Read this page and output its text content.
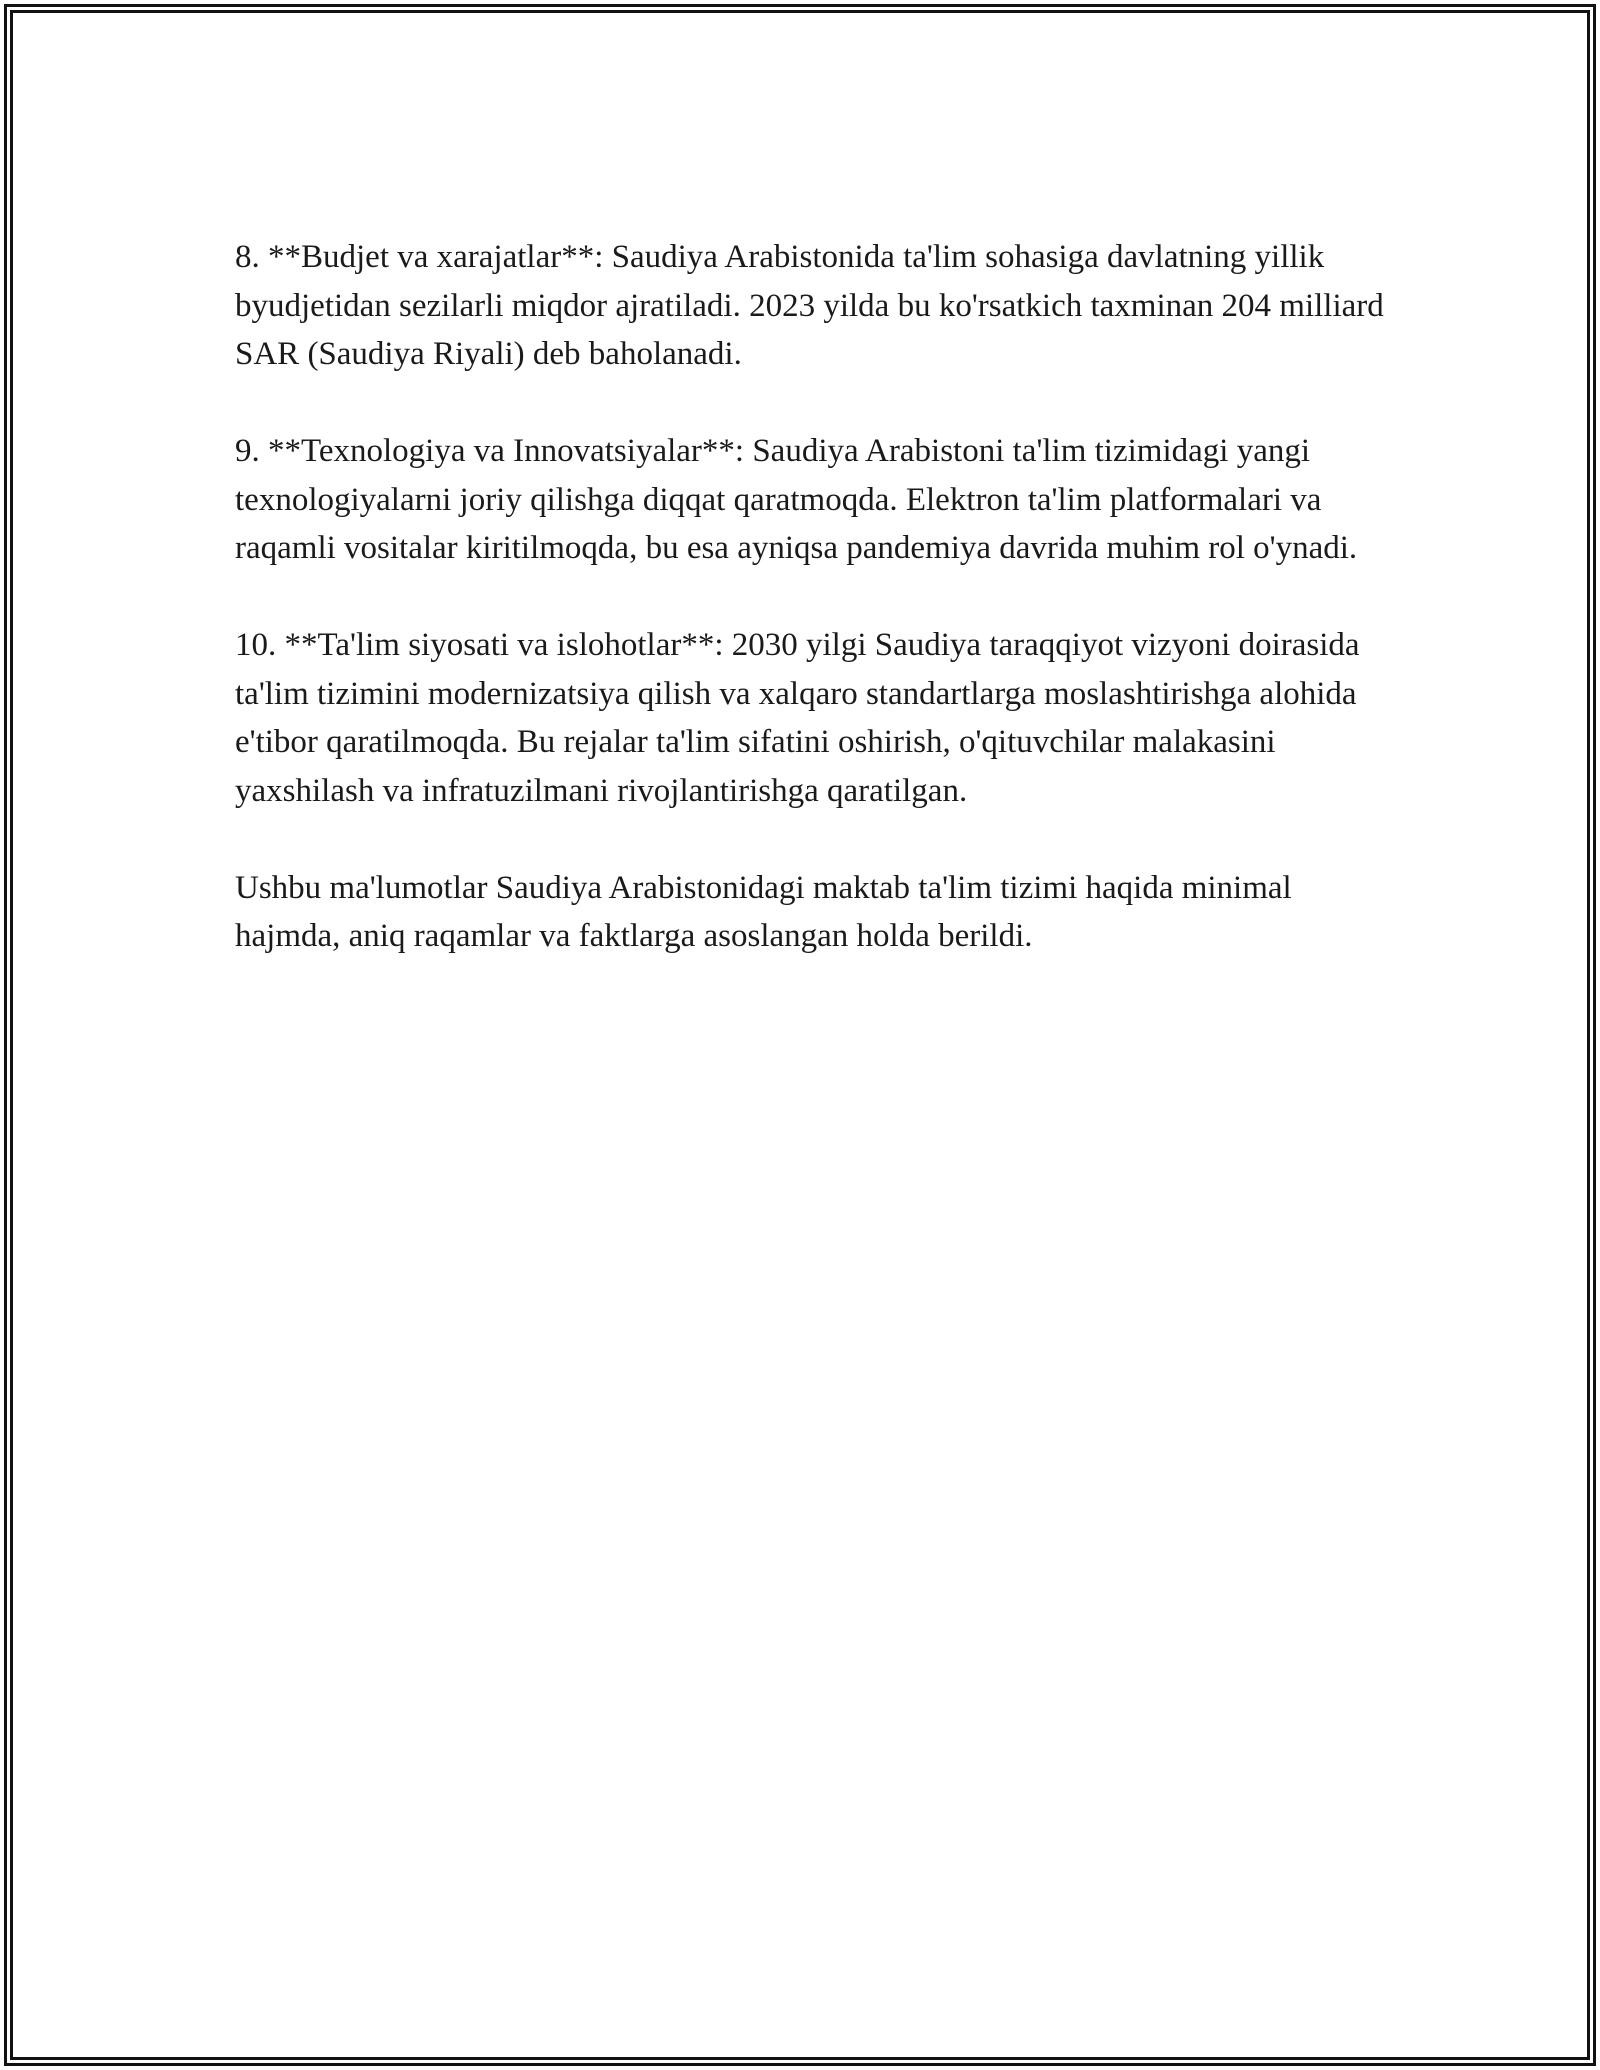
8. **Budjet va xarajatlar**: Saudiya Arabistonida ta'lim sohasiga davlatning yillik byudjetidan sezilarli miqdor ajratiladi. 2023 yilda bu ko'rsatkich taxminan 204 milliard SAR (Saudiya Riyali) deb baholanadi.

9. **Texnologiya va Innovatsiyalar**: Saudiya Arabistoni ta'lim tizimidagi yangi texnologiyalarni joriy qilishga diqqat qaratmoqda. Elektron ta'lim platformalari va raqamli vositalar kiritilmoqda, bu esa ayniqsa pandemiya davrida muhim rol o'ynadi.

10. **Ta'lim siyosati va islohotlar**: 2030 yilgi Saudiya taraqqiyot vizyoni doirasida ta'lim tizimini modernizatsiya qilish va xalqaro standartlarga moslashtirishga alohida e'tibor qaratilmoqda. Bu rejalar ta'lim sifatini oshirish, o'qituvchilar malakasini yaxshilash va infratuzilmani rivojlantirishga qaratilgan.

Ushbu ma'lumotlar Saudiya Arabistonidagi maktab ta'lim tizimi haqida minimal hajmda, aniq raqamlar va faktlarga asoslangan holda berildi.
